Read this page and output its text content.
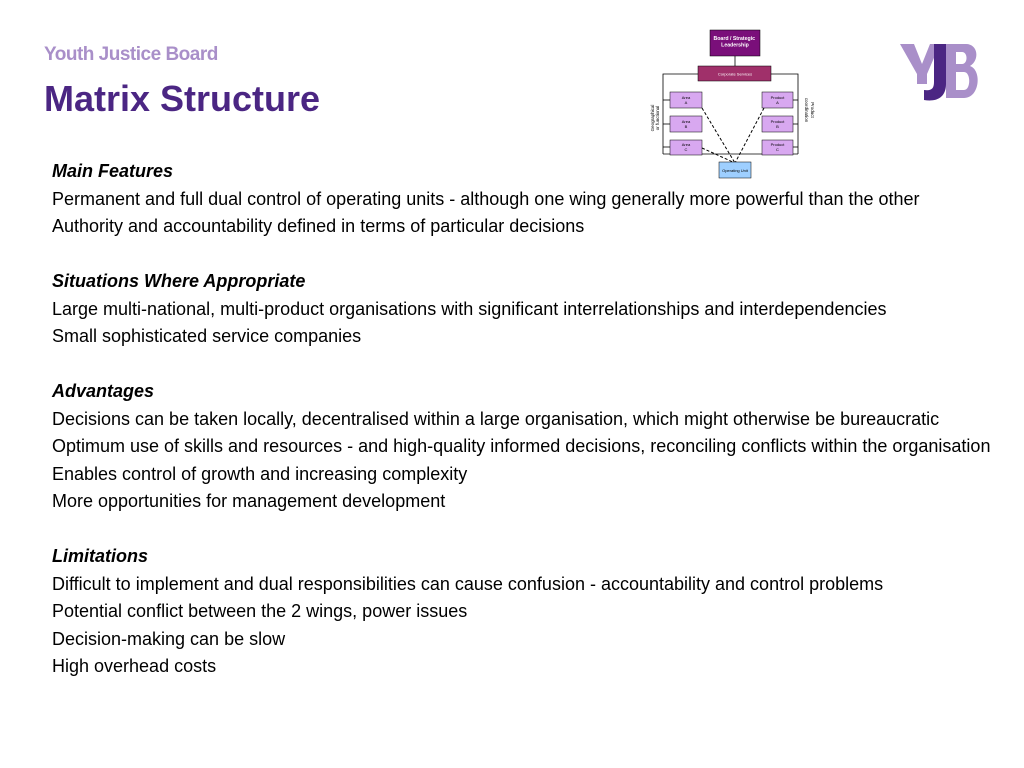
Youth Justice Board
Matrix Structure
Board / Strategic Leadership
Corporate Services
Geographical or functional	coordination Product
Area
A
Area
B
Area
C
Product
A
Product
B
Product
C
Operating Unit
Main Features
Permanent and full dual control of operating units - although one wing generally more powerful than the other
Authority and accountability defined in terms of particular decisions
Situations Where Appropriate
Large multi-national, multi-product organisations with significant interrelationships and interdependencies
Small sophisticated service companies
Advantages
Decisions can be taken locally, decentralised within a large organisation, which might otherwise be bureaucratic
Optimum use of skills and resources - and high-quality informed decisions, reconciling conflicts within the organisation
Enables control of growth and increasing complexity
More opportunities for management development
Limitations
Difficult to implement and dual responsibilities can cause confusion - accountability and control problems
Potential conflict between the 2 wings, power issues
Decision-making can be slow
High overhead costs
